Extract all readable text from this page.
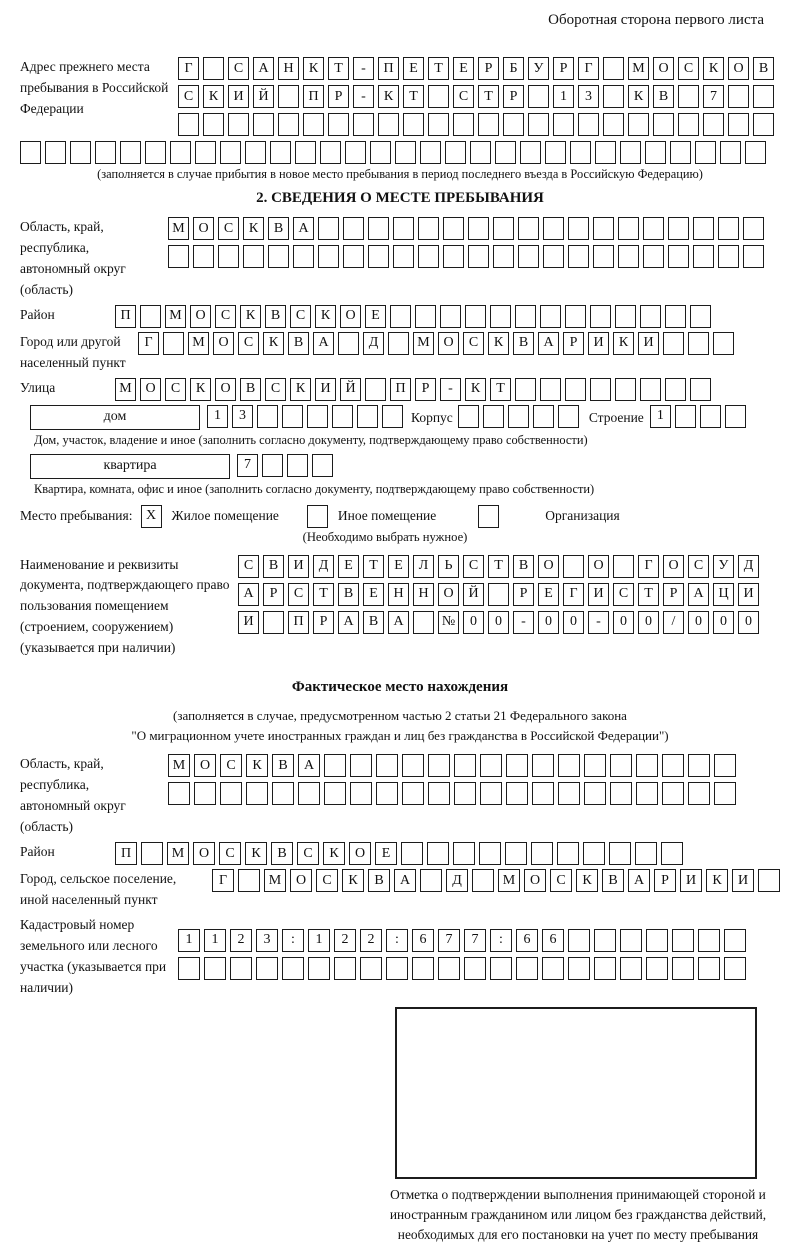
Оборотная сторона первого листа
Адрес прежнего места пребывания в Российской Федерации
Г	С	А	Н	К	Т	-	П	Е	Т	Е	Р	Б	У	Р	Г	М О	С	К	О	В
С	К	И	Й	П	Р	-	К	Т	С	Т	Р	1	3	К	В	7
(заполняется в случае прибытия в новое место пребывания в период последнего въезда в Российскую Федерацию)
2. СВЕДЕНИЯ О МЕСТЕ ПРЕБЫВАНИЯ
Область, край, республика, автономный округ (область)
М О	С	К	В	А
Район	П	М О	С	К	В	С	К	О	Е
Город или другой населенный пункт
Г	М О	С	К	В	А	Д	М О	С	К	В	А	Р	И	К	И
Улица	М О	С	К	О	В	С	К	И	Й	П	Р	-	К	Т
дом	1	3	Корпус	Строение 1
Дом, участок, владение и иное (заполнить согласно документу, подтверждающему право собственности)
квартира	7
Квартира, комната, офис и иное (заполнить согласно документу, подтверждающему право собственности)
Место пребывания: X	Жилое помещение	Иное помещение	Организация
(Необходимо выбрать нужное)
Наименование и реквизиты документа, подтверждающего право пользования помещением (строением, сооружением) (указывается при наличии)
С	В	И	Д	Е	Т	Е	Л	Ь	С	Т	В	О	О	Г	О	С	У	Д
А	Р	С	Т	В	Е	Н	Н	О	Й	Р	Е	Г	И	С	Т	Р	А	Ц	И
И	П	Р	А	В	А	№	0	0	-	0	0	-	0	0	/	0	0	0
Фактическое место нахождения
(заполняется в случае, предусмотренном частью 2 статьи 21 Федерального закона
"О миграционном учете иностранных граждан и лиц без гражданства в Российской Федерации")
Область, край, республика, автономный округ (область)
М	О	С	К	В	А
Район	П	М	О	С	К	В	С	К	О	Е
Город, сельское поселение, иной населенный пункт
Г	М	О	С	К	В	А	Д	М	О	С	К	В	А	Р	И	К	И
Кадастровый номер земельного или лесного участка (указывается при наличии)
1	1	2	3	:	1	2	2	:	6	7	7	:	6	6
Отметка о подтверждении выполнения принимающей стороной и иностранным гражданином или лицом без гражданства действий, необходимых для его постановки на учет по месту пребывания
